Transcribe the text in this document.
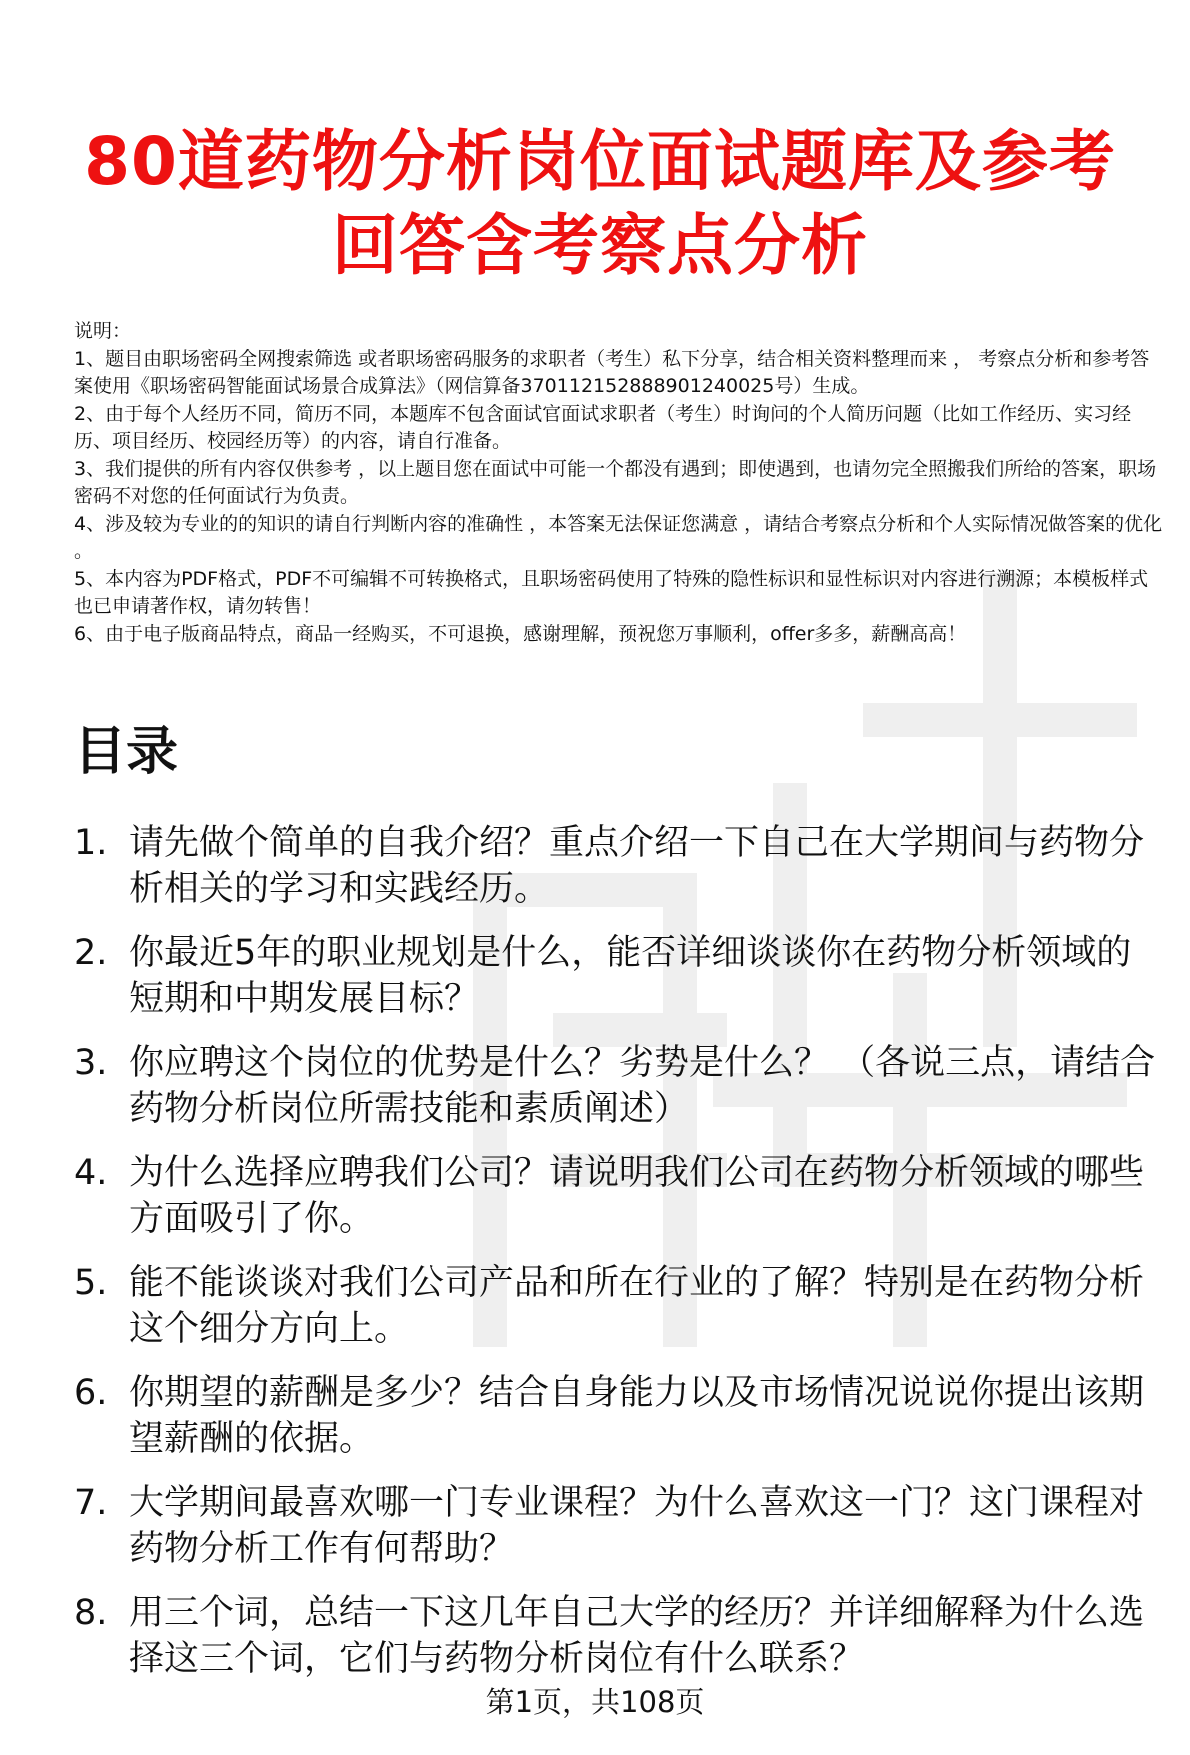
80道药物分析岗位面试题库及参考
回答含考察点分析

说明：

1、题目由职场密码全网搜索筛选 或者职场密码服务的求职者（考生）私下分享，结合相关资料整理而来 ， 考察点分析和参考答案使用《职场密码智能面试场景合成算法》（网信算备370112152888901240025号）生成。

2、由于每个人经历不同，简历不同，本题库不包含面试官面试求职者（考生）时询问的个人简历问题（比如工作经历、实习经历、项目经历、校园经历等）的内容，请自行准备。

3、我们提供的所有内容仅供参考 ，以上题目您在面试中可能一个都没有遇到；即使遇到，也请勿完全照搬我们所给的答案，职场密码不对您的任何面试行为负责。

4、涉及较为专业的的知识的请自行判断内容的准确性 ，本答案无法保证您满意 ，请结合考察点分析和个人实际情况做答案的优化 。

5、本内容为PDF格式，PDF不可编辑不可转换格式，且职场密码使用了特殊的隐性标识和显性标识对内容进行溯源；本模板样式也已申请著作权，请勿转售！

6、由于电子版商品特点，商品一经购买，不可退换，感谢理解，预祝您万事顺利，offer多多，薪酬高高！

目录
1. 请先做个简单的自我介绍？重点介绍一下自己在大学期间与药物分析相关的学习和实践经历。
2. 你最近5年的职业规划是什么，能否详细谈谈你在药物分析领域的短期和中期发展目标？
3. 你应聘这个岗位的优势是什么？劣势是什么？ （各说三点，请结合药物分析岗位所需技能和素质阐述）
4. 为什么选择应聘我们公司？请说明我们公司在药物分析领域的哪些方面吸引了你。
5. 能不能谈谈对我们公司产品和所在行业的了解？特别是在药物分析这个细分方向上。
6. 你期望的薪酬是多少？结合自身能力以及市场情况说说你提出该期望薪酬的依据。
7. 大学期间最喜欢哪一门专业课程？为什么喜欢这一门？这门课程对药物分析工作有何帮助？
8. 用三个词，总结一下这几年自己大学的经历？并详细解释为什么选择这三个词，它们与药物分析岗位有什么联系？
第1页，共108页
